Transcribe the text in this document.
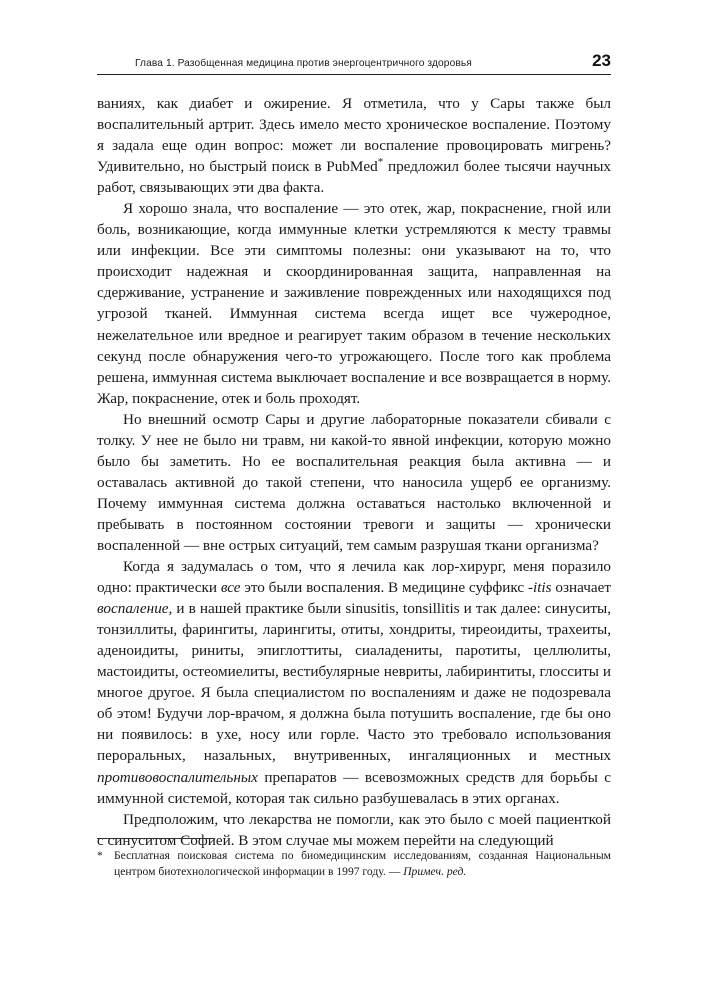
Глава 1. Разобщенная медицина против энергоцентричного здоровья	23

ваниях, как диабет и ожирение. Я отметила, что у Сары также был воспалительный артрит. Здесь имело место хроническое воспаление. Поэтому я задала еще один вопрос: может ли воспаление провоцировать мигрень? Удивительно, но быстрый поиск в PubMed* предложил более тысячи научных работ, связывающих эти два факта.

Я хорошо знала, что воспаление — это отек, жар, покраснение, гной или боль, возникающие, когда иммунные клетки устремляются к месту травмы или инфекции. Все эти симптомы полезны: они указывают на то, что происходит надежная и скоординированная защита, направленная на сдерживание, устранение и заживление поврежденных или находящихся под угрозой тканей. Иммунная система всегда ищет все чужеродное, нежелательное или вредное и реагирует таким образом в течение нескольких секунд после обнаружения чего-то угрожающего. После того как проблема решена, иммунная система выключает воспаление и все возвращается в норму. Жар, покраснение, отек и боль проходят.

Но внешний осмотр Сары и другие лабораторные показатели сбивали с толку. У нее не было ни травм, ни какой-то явной инфекции, которую можно было бы заметить. Но ее воспалительная реакция была активна — и оставалась активной до такой степени, что наносила ущерб ее организму. Почему иммунная система должна оставаться настолько включенной и пребывать в постоянном состоянии тревоги и защиты — хронически воспаленной — вне острых ситуаций, тем самым разрушая ткани организма?

Когда я задумалась о том, что я лечила как лор-хирург, меня поразило одно: практически все это были воспаления. В медицине суффикс -itis означает воспаление, и в нашей практике были sinusitis, tonsillitis и так далее: синуситы, тонзиллиты, фарингиты, ларингиты, отиты, хондриты, тиреоидиты, трахеиты, аденоидиты, риниты, эпиглоттиты, сиаладениты, паротиты, целлюлиты, мастоидиты, остеомиелиты, вестибулярные невриты, лабиринтиты, глосситы и многое другое. Я была специалистом по воспалениям и даже не подозревала об этом! Будучи лор-врачом, я должна была потушить воспаление, где бы оно ни появилось: в ухе, носу или горле. Часто это требовало использования пероральных, назальных, внутривенных, ингаляционных и местных противовоспалительных препаратов — всевозможных средств для борьбы с иммунной системой, которая так сильно разбушевалась в этих органах.

Предположим, что лекарства не помогли, как это было с моей пациенткой с синуситом Софией. В этом случае мы можем перейти на следующий

* Бесплатная поисковая система по биомедицинским исследованиям, созданная Национальным центром биотехнологической информации в 1997 году. — Примеч. ред.
